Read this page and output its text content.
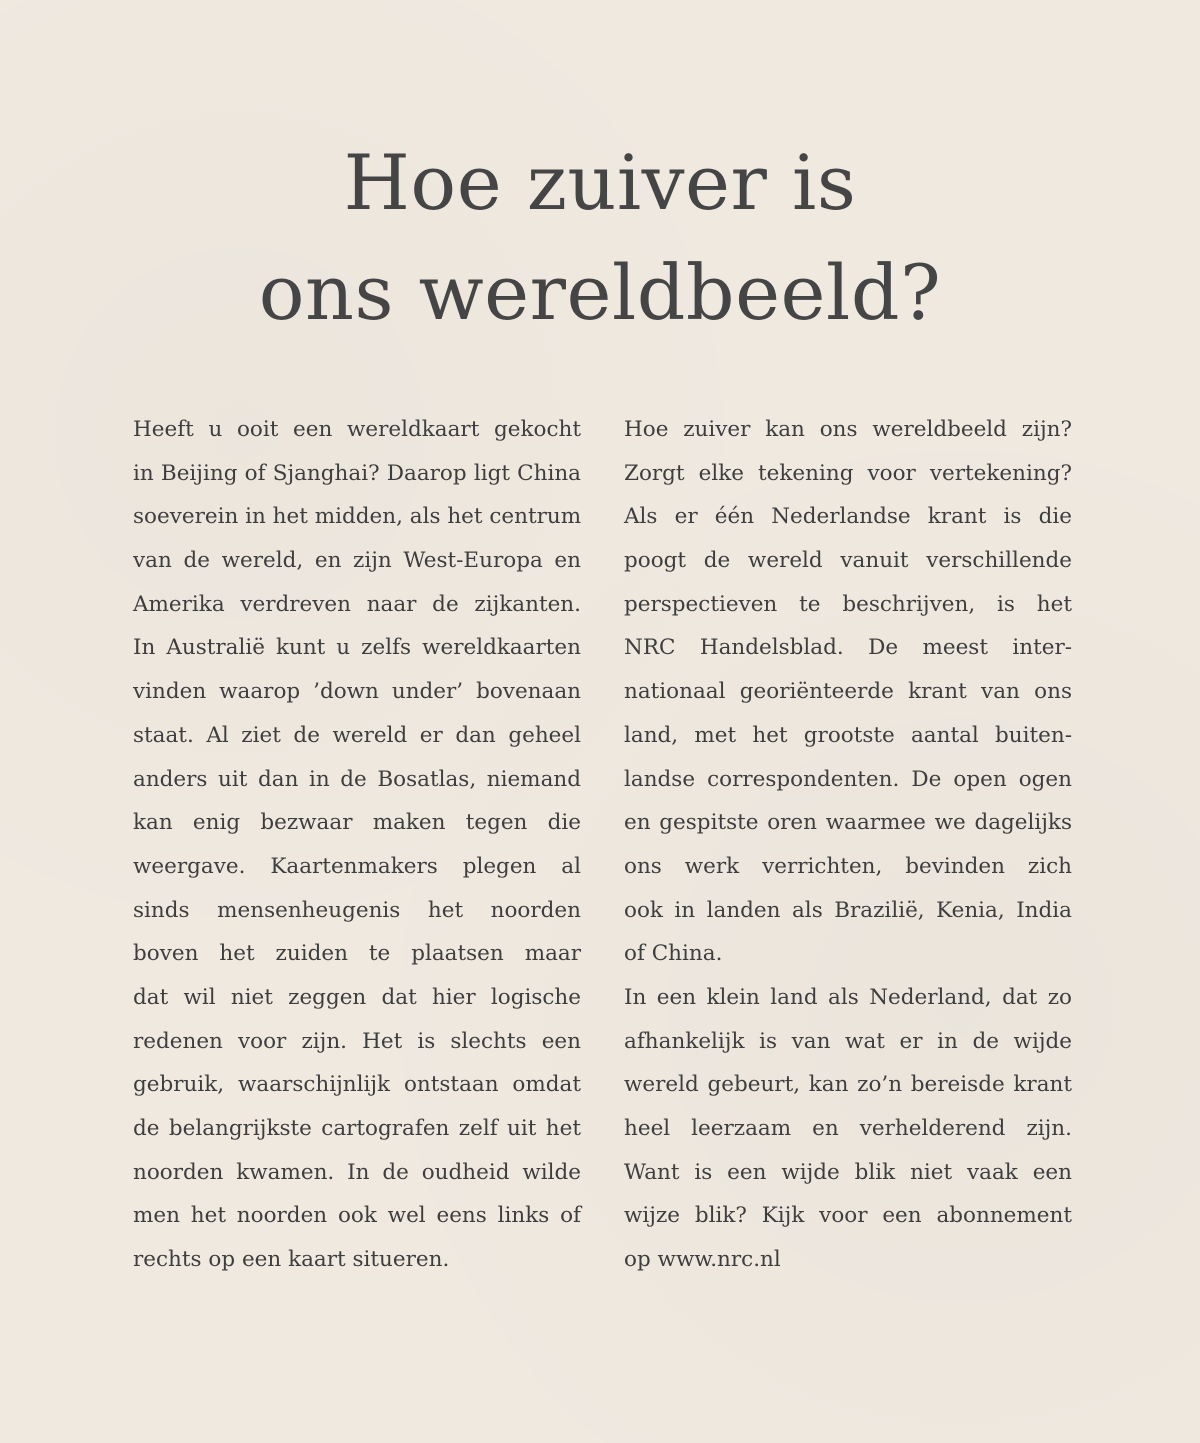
Hoe zuiver is
ons wereldbeeld?
Heeft u ooit een wereldkaart gekocht
in Beijing of Sjanghai? Daarop ligt China
soeverein in het midden, als het centrum
van de wereld, en zijn West-Europa en
Amerika verdreven naar de zijkanten.
In Australië kunt u zelfs wereldkaarten
vinden waarop ’down under’ bovenaan
staat. Al ziet de wereld er dan geheel
anders uit dan in de Bosatlas, niemand
kan enig bezwaar maken tegen die
weergave. Kaartenmakers plegen al
sinds mensenheugenis het noorden
boven het zuiden te plaatsen maar
dat wil niet zeggen dat hier logische
redenen voor zijn. Het is slechts een
gebruik, waarschijnlijk ontstaan omdat
de belangrijkste cartografen zelf uit het
noorden kwamen. In de oudheid wilde
men het noorden ook wel eens links of
rechts op een kaart situeren.
Hoe zuiver kan ons wereldbeeld zijn?
Zorgt elke tekening voor vertekening?
Als er één Nederlandse krant is die
poogt de wereld vanuit verschillende
perspectieven te beschrijven, is het
NRC Handelsblad. De meest inter-
nationaal georiënteerde krant van ons
land, met het grootste aantal buiten-
landse correspondenten. De open ogen
en gespitste oren waarmee we dagelijks
ons werk verrichten, bevinden zich
ook in landen als Brazilië, Kenia, India
of China.
In een klein land als Nederland, dat zo
afhankelijk is van wat er in de wijde
wereld gebeurt, kan zo’n bereisde krant
heel leerzaam en verhelderend zijn.
Want is een wijde blik niet vaak een
wijze blik? Kijk voor een abonnement
op www.nrc.nl
